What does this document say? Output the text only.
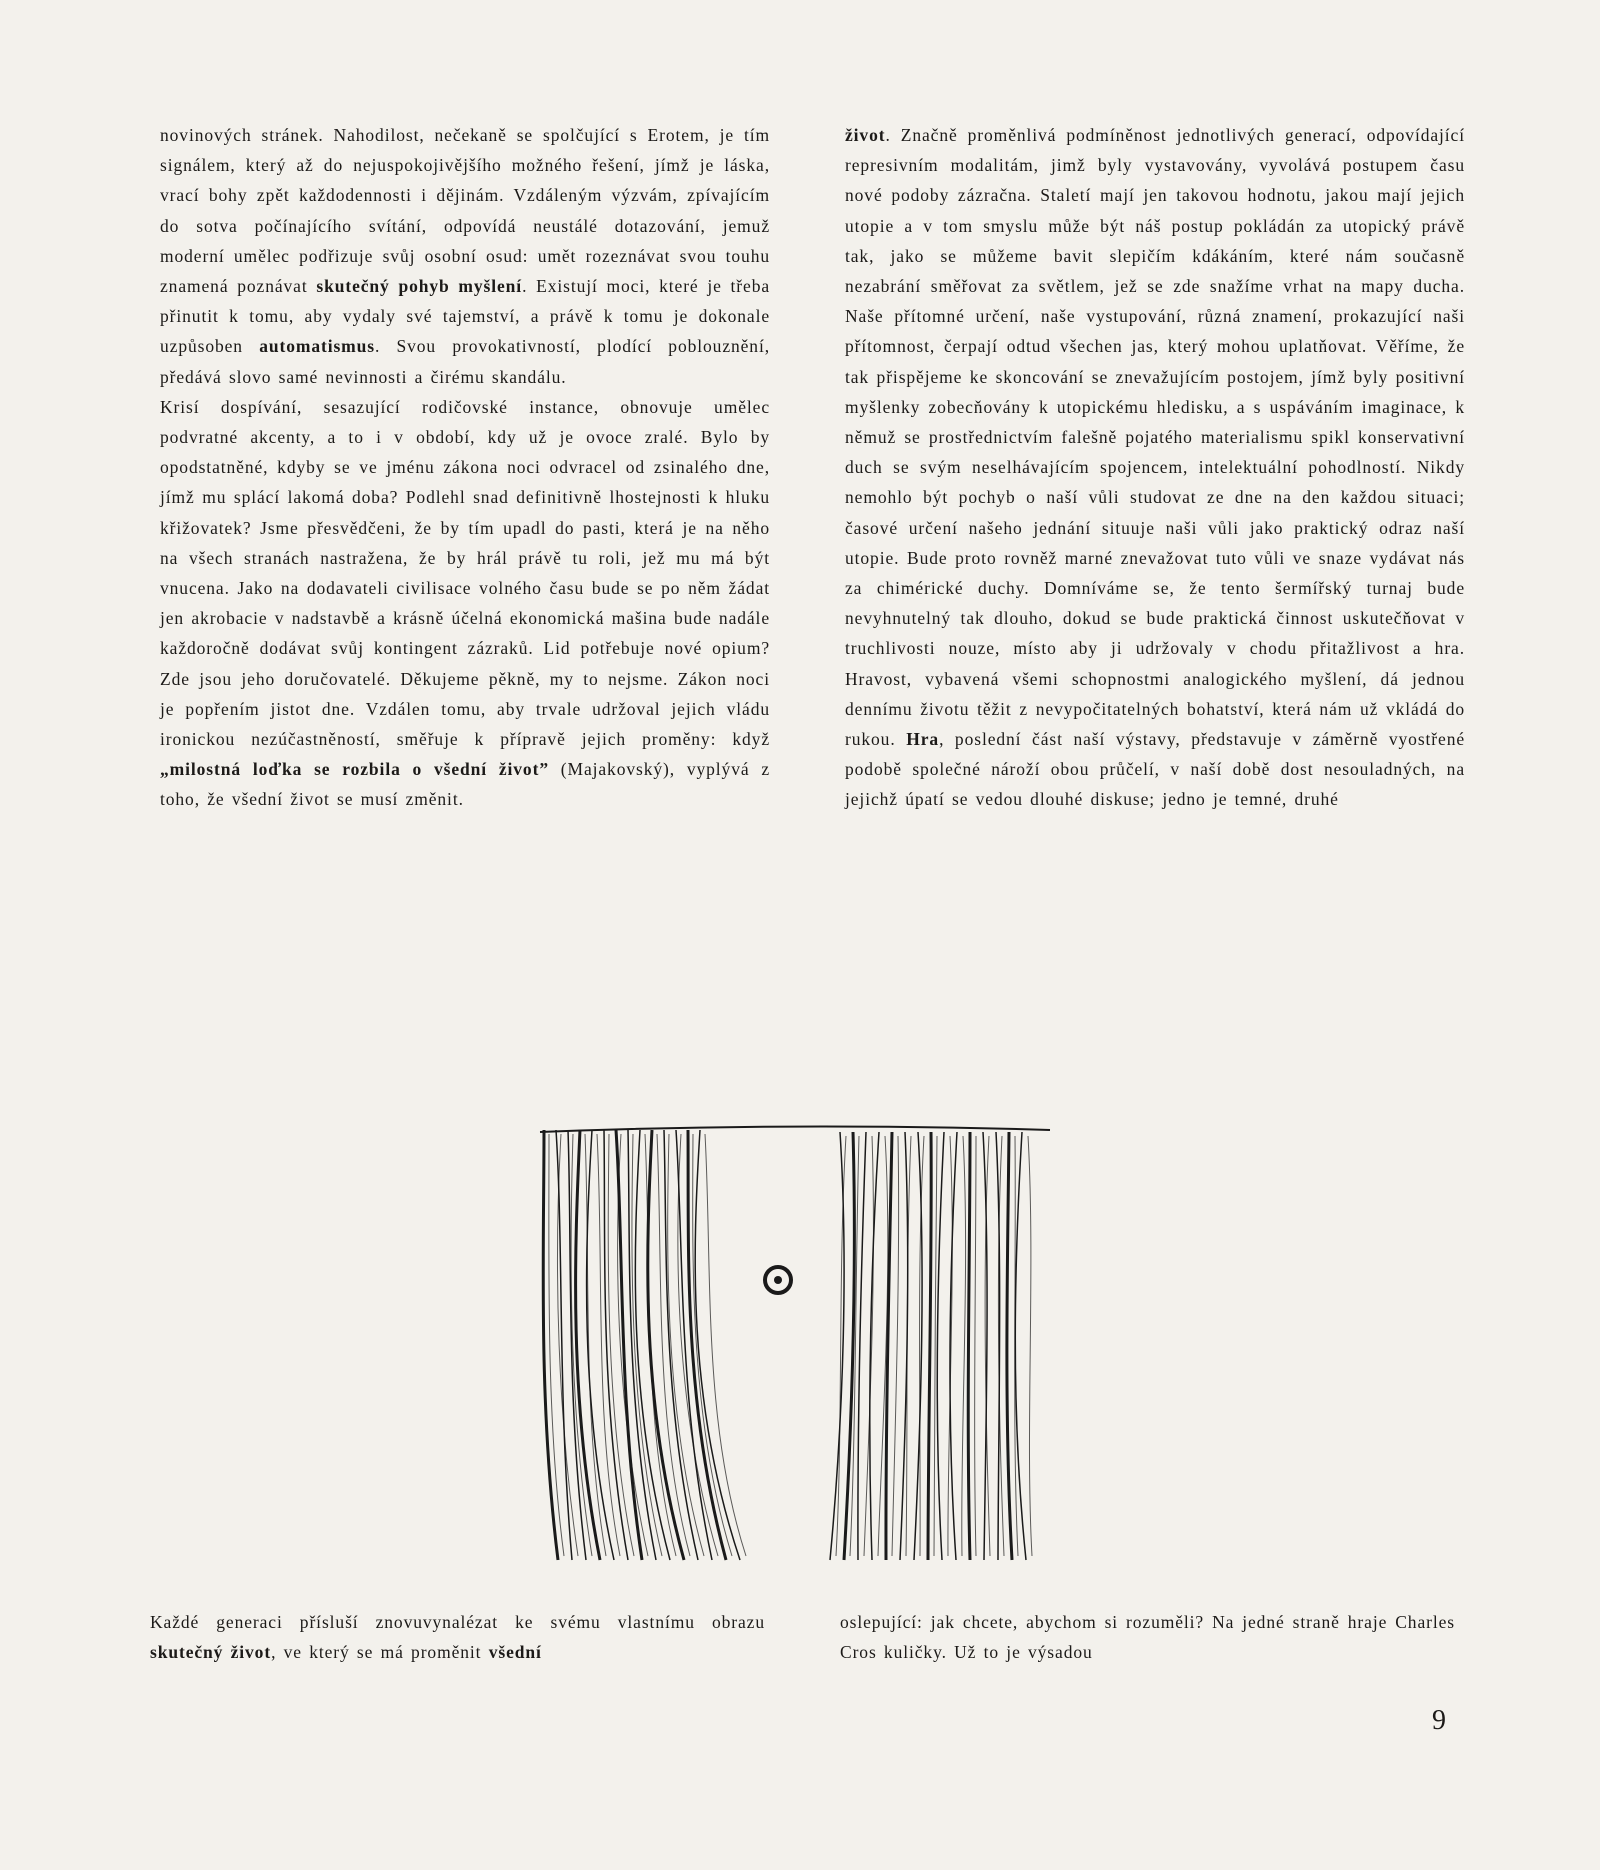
novinových stránek. Nahodilost, nečekaně se spolčující s Erotem, je tím signálem, který až do nejuspokojivějšího možného řešení, jímž je láska, vrací bohy zpět každodennosti i dějinám. Vzdáleným výzvám, zpívajícím do sotva počínajícího svítání, odpovídá neustálé dotazování, jemuž moderní umělec podřizuje svůj osobní osud: umět rozeznávat svou touhu znamená poznávat skutečný pohyb myšlení. Existují moci, které je třeba přinutit k tomu, aby vydaly své tajemství, a právě k tomu je dokonale uzpůsoben automatismus. Svou provokativností, plodící poblouznění, předává slovo samé nevinnosti a čirému skandálu.

Krisí dospívání, sesazující rodičovské instance, obnovuje umělec podvratné akcenty, a to i v období, kdy už je ovoce zralé. Bylo by opodstatněné, kdyby se ve jménu zákona noci odvracel od zsinalého dne, jímž mu splácí lakomá doba? Podlehl snad definitivně lhostejnosti k hluku křižovatek? Jsme přesvědčeni, že by tím upadl do pasti, která je na něho na všech stranách nastražena, že by hrál právě tu roli, jež mu má být vnucena. Jako na dodavateli civilisace volného času bude se po něm žádat jen akrobacie v nadstavbě a krásně účelná ekonomická mašina bude nadále každoročně dodávat svůj kontingent zázraků. Lid potřebuje nové opium? Zde jsou jeho doručovatelé. Děkujeme pěkně, my to nejsme. Zákon noci je popřením jistot dne. Vzdálen tomu, aby trvale udržoval jejich vládu ironickou nezúčastněností, směřuje k přípravě jejich proměny: když „milostná loďka se rozbila o všední život” (Majakovský), vyplývá z toho, že všední život se musí změnit.

život. Značně proměnlivá podmíněnost jednotlivých generací, odpovídající represivním modalitám, jimž byly vystavovány, vyvolává postupem času nové podoby zázračna. Staletí mají jen takovou hodnotu, jakou mají jejich utopie a v tom smyslu může být náš postup pokládán za utopický právě tak, jako se můžeme bavit slepičím kdákáním, které nám současně nezabrání směřovat za světlem, jež se zde snažíme vrhat na mapy ducha. Naše přítomné určení, naše vystupování, různá znamení, prokazující naši přítomnost, čerpají odtud všechen jas, který mohou uplatňovat. Věříme, že tak přispějeme ke skoncování se znevažujícím postojem, jímž byly positivní myšlenky zobecňovány k utopickému hledisku, a s uspáváním imaginace, k němuž se prostřednictvím falešně pojatého materialismu spikl konservativní duch se svým neselhávajícím spojencem, intelektuální pohodlností. Nikdy nemohlo být pochyb o naší vůli studovat ze dne na den každou situaci; časové určení našeho jednání situuje naši vůli jako praktický odraz naší utopie. Bude proto rovněž marné znevažovat tuto vůli ve snaze vydávat nás za chimérické duchy. Domníváme se, že tento šermířský turnaj bude nevyhnutelný tak dlouho, dokud se bude praktická činnost uskutečňovat v truchlivosti nouze, místo aby ji udržovaly v chodu přitažlivost a hra. Hravost, vybavená všemi schopnostmi analogického myšlení, dá jednou dennímu životu těžit z nevypočitatelných bohatství, která nám už vkládá do rukou. Hra, poslední část naší výstavy, představuje v záměrně vyostřené podobě společné nároží obou průčelí, v naší době dost nesouladných, na jejichž úpatí se vedou dlouhé diskuse; jedno je temné, druhé

Každé generaci přísluší znovuvynalézat ke svému vlastnímu obrazu skutečný život, ve který se má proměnit všední

oslepující: jak chcete, abychom si rozuměli? Na jedné straně hraje Charles Cros kuličky. Už to je výsadou

9
